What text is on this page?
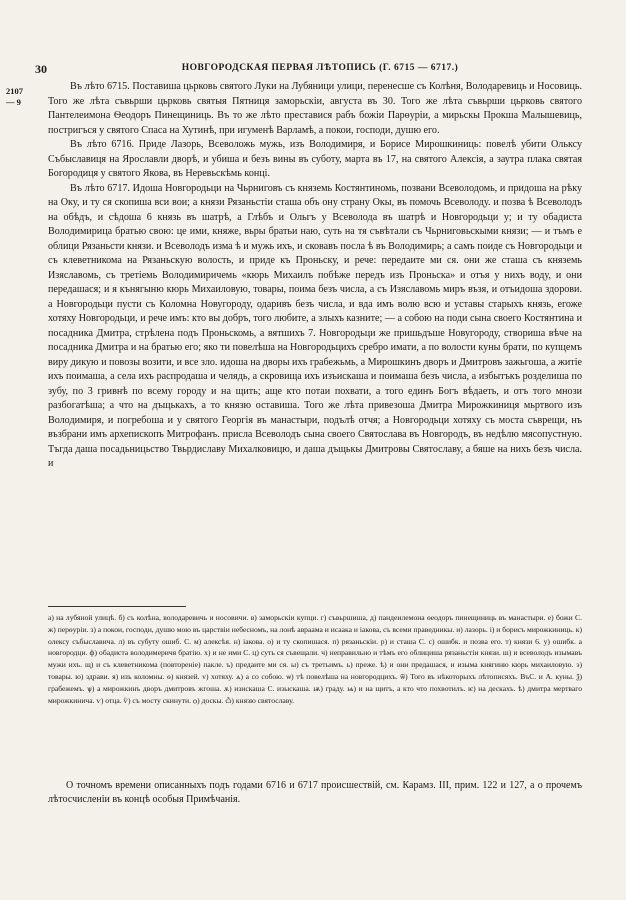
30	НОВГОРОДСКАЯ ПЕРВАЯ ЛѢТОПИСЬ (Г. 6715 — 6717.)
2107
— 9

Въ лѣто 6715. Поставиша цьрковь святого Луки на Лубяници улици, перенесше съ Колѣня, Володаревиць и Носовиць. Того же лѣта съвьрши цьрковь святыя Пятниця заморьскiи, августа въ 30. Того же лѣта съвьрши цьрковь святого Пантелеимона Ѳеодоръ Пинещиниць. Въ то же лѣто преставися рабъ божiи Парѳурiи, а мирьскы Прокша Малышевиць, постригъся у святого Спаса на Хутинѣ, при игуменѣ Варламѣ, а покои, господи, душю его.

Въ лѣто 6716. Приде Лазорь, Всеволожь мужь, изъ Володимиря, и Борисе Мирошкиниць: повелѣ убити Ольксу Събыславиця на Ярославли дворѣ, и убиша и безъ вины въ суботу, марта въ 17, на святого Алексiя, а заутра плака святая Богородиця у святого Якова, въ Неревьскѣмь концi.

Въ лѣто 6717. Идоша Новгородьци на Чьрниговъ съ княземь Костянтиномь, позвани Всеволодомь, и придоша на рѣку на Оку, и ту ся скопиша вси вои; а князи Рязаньстiи сташа объ ону страну Окы, въ помочь Всеволоду. и позва ѣ Всеволодъ на обѣдъ, и сѣдоша 6 князь въ шатрѣ, а Глѣбъ и Ольгъ у Всеволода въ шатрѣ и Новгородьци у; и ту обадиста Володимирица братью свою: це ими, княже, вьры братьи наю, суть на тя съвѣтали съ Чьрниговьскыми князи; — и тъмъ е облици Рязаньсти князи. и Всеволодъ изма ѣ и мужь ихъ, и сковавъ посла ѣ въ Володимирь; а самъ поиде съ Новгородьци и съ клеветникома на Рязаньскую волость, и приде къ Проньску, и рече: передаите ми ся. они же сташа съ княземь Изяславомь, съ третiемь Володимиричемь «кюрь Михаилъ побѣже передъ изъ Проньска» и отъя у нихъ воду, и они передашася; и я кънягыню кюрь Михаиловую, товары, поима безъ числа, а съ Изяславомь миръ възя, и отъидоша здорови. а Новгородьци пусти съ Коломна Новугороду, одаривъ безъ числа, и вда имъ волю всю и уставы старыхъ князь, егоже хотяху Новгородьци, и рече имъ: кто вы добръ, того любите, а злыхъ казните; — а собою на поди сына своего Костянтина и посадника Дмитра, стрѣлена подъ Проньскомь, а вятшихъ 7. Новгородьци же пришьдъше Новугороду, створиша вѣче на посадника Дмитра и на братью его; яко ти повелѣша на Новгородьцихъ сребро имати, а по волости куны брати, по купцемъ виру дикую и повозы возити, и все зло. идоша на дворы ихъ грабежьмь, а Мирошкинъ дворъ и Дмитровъ зажьгоша, а житiе ихъ поимаша, а села ихъ распродаша и челядь, а скровища ихъ изъискаша и поимаша безъ числа, а избытъкъ розделиша по зубу, по 3 гривнѣ по всему городу и на щить; аще кто потаи похвати, а того единъ Богъ вѣдаеть, и отъ того мнози разбогатѣша; а что на дъщькахъ, а то князю оставиша. Того же лѣта привезоша Дмитра Мирожкиниця мьртвого изъ Володимиря, и погребоша и у святого Георгiя въ манастыри, подълѣ отчя; а Новгородьци хотяху съ моста съврещи, нъ възбрани имъ архепископъ Митрофанъ. присла Всеволодъ сына своего Святослава въ Новгородъ, въ недѣлю мясопустную. Тъгда даша посадьницьство Твьрдиславу Михалковицю, и даша дъщькы Дмитровы Святославу, а бяше на нихъ безъ числа. и

а) на лубяной улицѣ. б) съ колѣна, володаревичь и носовичи. в) заморьскiи купци. г) съвьршиша, д) пандеилемона ѳеодоръ пинещиниць въ манастыри. е) божи С. ж) перѳурiи. з) а покои, господи, душю мою въ царствiи небесномъ, на лонѣ авраама и исаака и iакова, съ всеми праведникы. и) лазорь. i) и борисъ мирожкиниць. к) олексу събыславича. л) въ субуту ошиб. С. м) алексѣя. н) iакова. о) и ту скопишася. п) рязаньскiи. р) и сташа С. с) ошибк. и позва его. т) князи 6. у) ошибк. а новгородци. ф) обадиста володимеричя братiю. х) и не ими С. ц) суть ся съвещали. ч) неправильно и тѣмъ его облициша рязаньстiи князи. ш) и всеволодъ изымавъ мужи ихъ. щ) и съ клеветникома (повтореніе) пакле. ъ) предаите ми ся. ы) съ третьимъ. ь) преже. ѣ) и они предашася, и изыма княгиню кюрь михаиловую. э) товары. ю) здрави. я) изъ коломны. ѳ) князей. v) хотяху. ѧ) а со собою. ѡ) тѣ повелѣша на новгородцихъ. ѿ) Того въ нѣкоторыхъ лѣтописяхъ. ВъС. и А. куны. ѯ) грабежемъ. ѱ) а мирожкинъ дворъ дмитровъ жгоша. ѫ) изискаша С. изыскаша. ѭ) граду. ѩ) и на щитъ, а кто что похвотилъ. ѥ) на дескахъ. ѣ) дмитра мертваго мирожкинича. ѵ) отца. ѷ) съ мосту скинути. ѻ) доскы. ѽ) князю святославу.

О точномъ времени описанныхъ подъ годами 6716 и 6717 происшествiй, см. Карамз. III, прим. 122 и 127, а о прочемъ лѣтосчисленiи въ концѣ особыя Примѣчанія.
